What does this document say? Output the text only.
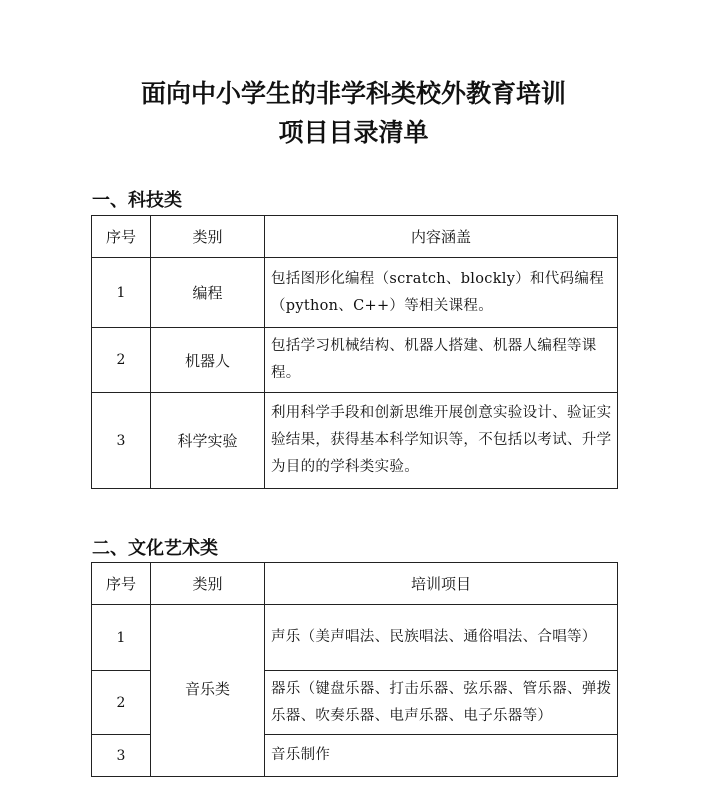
面向中小学生的非学科类校外教育培训
项目目录清单
一、科技类
序号	类别	内容涵盖
1	编程	包括图形化编程（scratch、blockly）和代码编程（python、C++）等相关课程。
2	机器人	包括学习机械结构、机器人搭建、机器人编程等课程。
3	科学实验	利用科学手段和创新思维开展创意实验设计、验证实验结果，获得基本科学知识等，不包括以考试、升学为目的的学科类实验。
二、文化艺术类
序号	类别	培训项目
1	音乐类	声乐（美声唱法、民族唱法、通俗唱法、合唱等）
2		器乐（键盘乐器、打击乐器、弦乐器、管乐器、弹拨乐器、吹奏乐器、电声乐器、电子乐器等）
3		音乐制作
